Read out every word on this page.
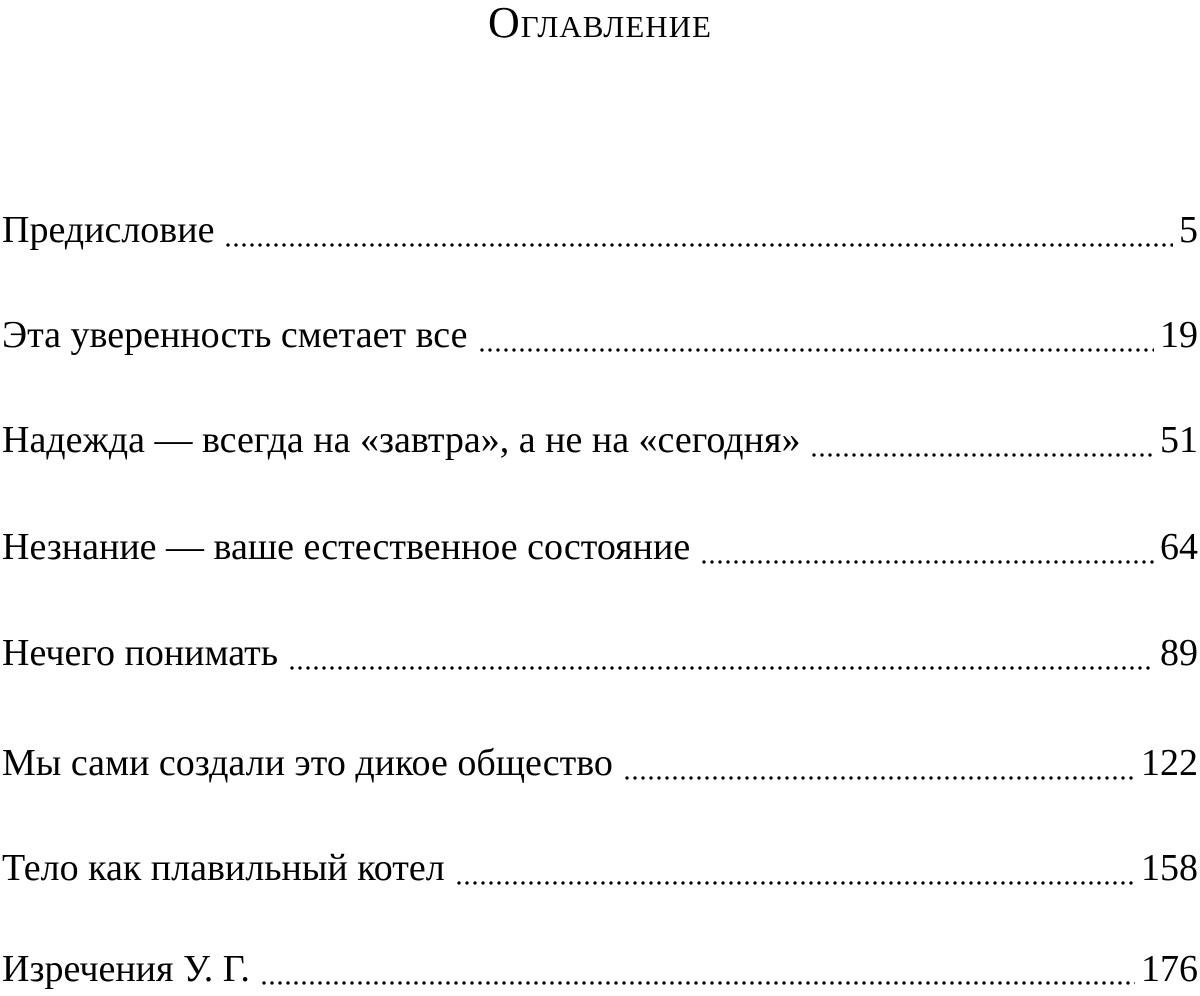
Оглавление
Предисловие	5
Эта уверенность сметает все	19
Надежда — всегда на «завтра», а не на «сегодня»	51
Незнание — ваше естественное состояние	64
Нечего понимать	89
Мы сами создали это дикое общество	122
Тело как плавильный котел	158
Изречения У. Г.	176
